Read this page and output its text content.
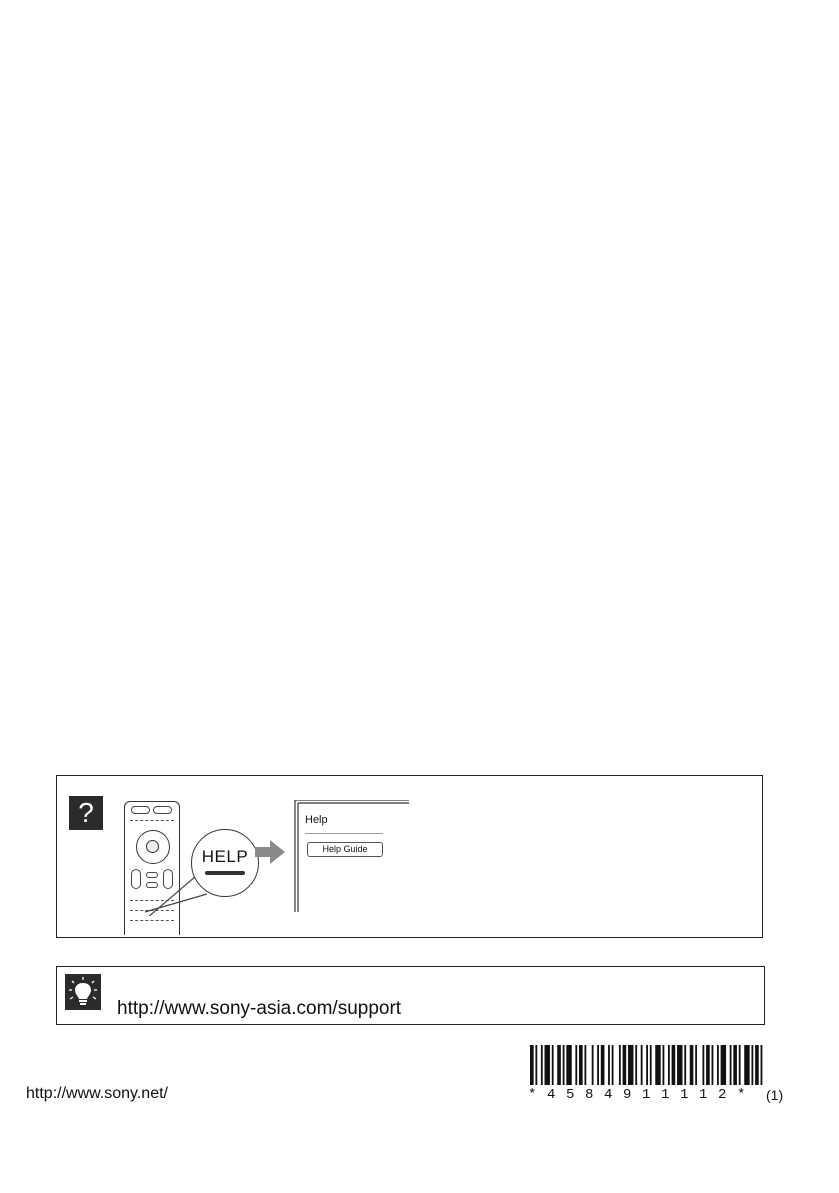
?
HELP
Help
Help Guide
http://www.sony-asia.com/support
http://www.sony.net/	*4584911112* (1)
